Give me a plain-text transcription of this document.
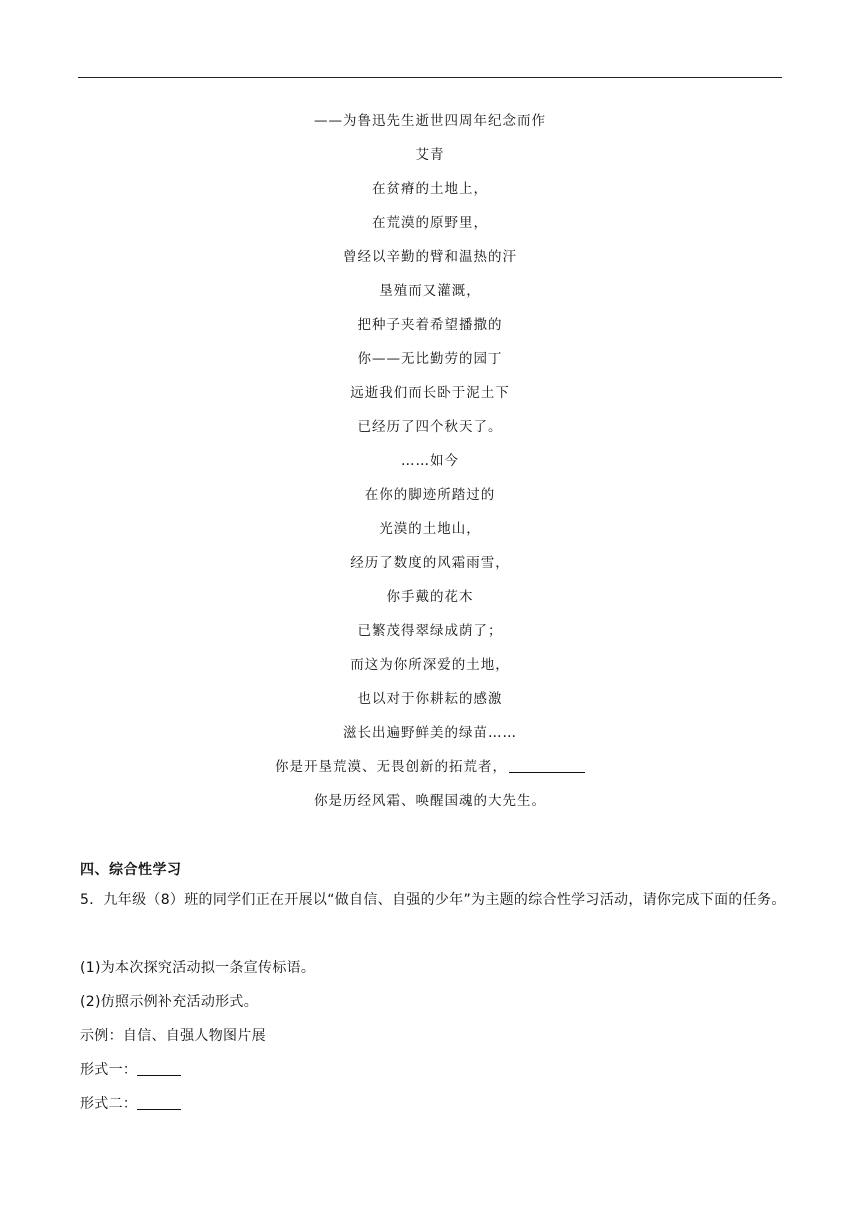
——为鲁迅先生逝世四周年纪念而作
艾青
在贫瘠的土地上，
在荒漠的原野里，
曾经以辛勤的臂和温热的汗
垦殖而又灌溉，
把种子夹着希望播撒的
你——无比勤劳的园丁
远逝我们而长卧于泥土下
已经历了四个秋天了。
……如今
在你的脚迹所踏过的
光漠的土地山，
经历了数度的风霜雨雪，
你手戴的花木
已繁茂得翠绿成荫了；
而这为你所深爱的土地，
也以对于你耕耘的感激
滋长出遍野鲜美的绿苗……
你是开垦荒漠、无畏创新的拓荒者，
你是历经风霜、唤醒国魂的大先生。
四、综合性学习

5．九年级（8）班的同学们正在开展以“做自信、自强的少年”为主题的综合性学习活动，请你完成下面的任务。

(1)为本次探究活动拟一条宣传标语。
(2)仿照示例补充活动形式。
示例：自信、自强人物图片展
形式一：
形式二：
